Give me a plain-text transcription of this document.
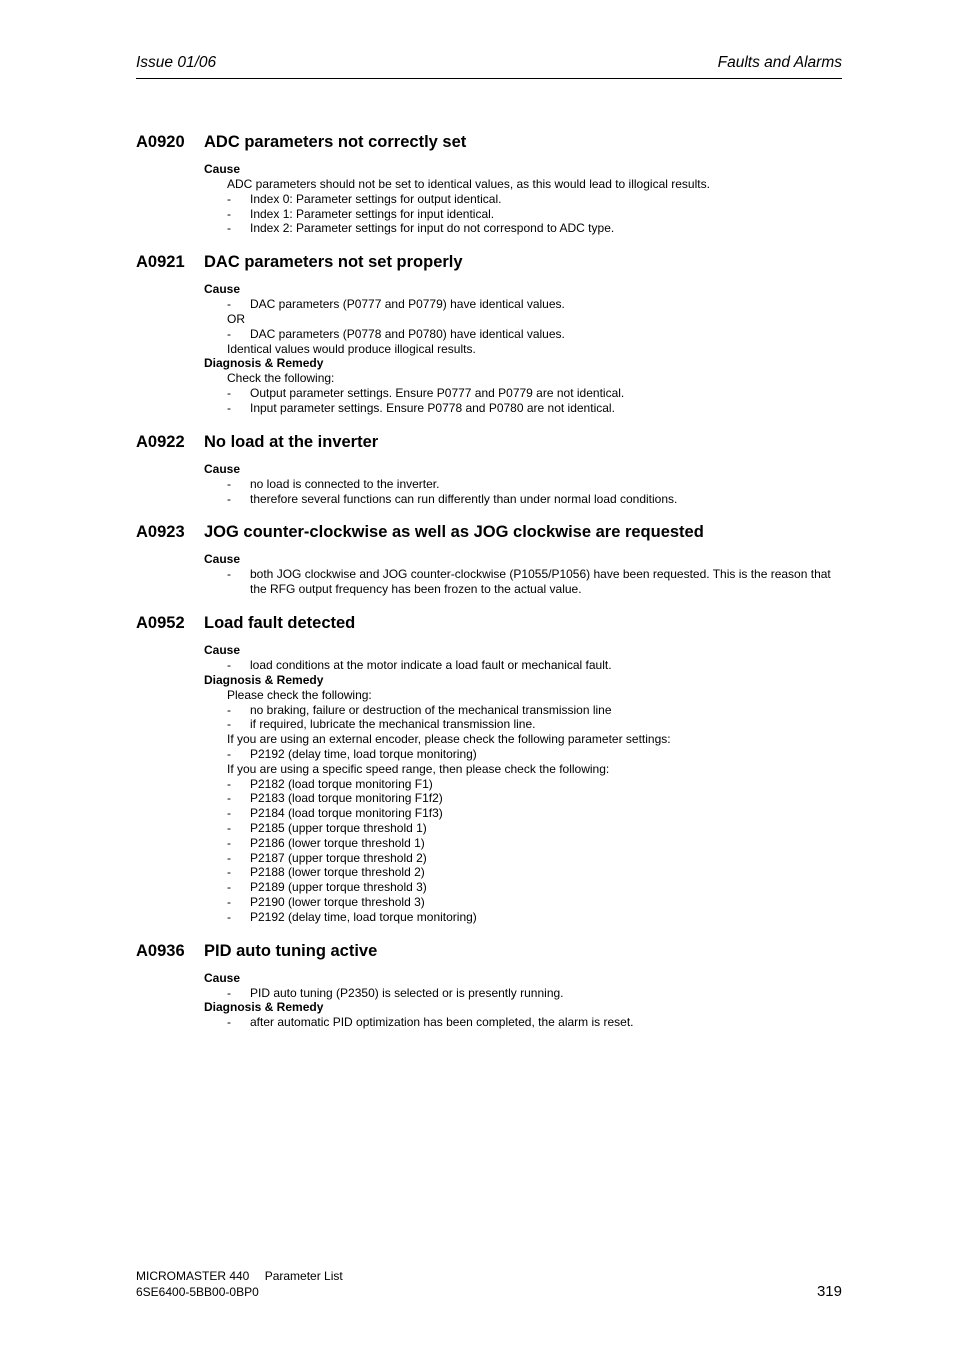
Issue 01/06	Faults and Alarms
A0920	ADC parameters not correctly set
Cause
ADC parameters should not be set to identical values, as this would lead to illogical results.
-	Index 0: Parameter settings for output identical.
-	Index 1: Parameter settings for input identical.
-	Index 2: Parameter settings for input do not correspond to ADC type.
A0921	DAC parameters not set properly
Cause
-	DAC parameters (P0777 and P0779) have identical values.
OR
-	DAC parameters (P0778 and P0780) have identical values.
Identical values would produce illogical results.
Diagnosis & Remedy
Check the following:
-	Output parameter settings. Ensure P0777 and P0779 are not identical.
-	Input parameter settings. Ensure P0778 and P0780 are not identical.
A0922	No load at the inverter
Cause
-	no load is connected to the inverter.
-	therefore several functions can run differently than under normal load conditions.
A0923	JOG counter-clockwise as well as JOG clockwise are requested
Cause
-	both JOG clockwise and JOG counter-clockwise (P1055/P1056) have been requested. This is the reason that the RFG output frequency has been frozen to the actual value.
A0952	Load fault detected
Cause
-	load conditions at the motor indicate a load fault or mechanical fault.
Diagnosis & Remedy
Please check the following:
-	no braking, failure or destruction of the mechanical transmission line
-	if required, lubricate the mechanical transmission line.
If you are using an external encoder, please check the following parameter settings:
-	P2192 (delay time, load torque monitoring)
If you are using a specific speed range, then please check the following:
-	P2182 (load torque monitoring F1)
-	P2183 (load torque monitoring F1f2)
-	P2184 (load torque monitoring F1f3)
-	P2185 (upper torque threshold 1)
-	P2186 (lower torque threshold 1)
-	P2187 (upper torque threshold 2)
-	P2188 (lower torque threshold 2)
-	P2189 (upper torque threshold 3)
-	P2190 (lower torque threshold 3)
-	P2192 (delay time, load torque monitoring)
A0936	PID auto tuning active
Cause
-	PID auto tuning (P2350) is selected or is presently running.
Diagnosis & Remedy
-	after automatic PID optimization has been completed, the alarm is reset.
MICROMASTER 440 Parameter List
6SE6400-5BB00-0BP0	319
